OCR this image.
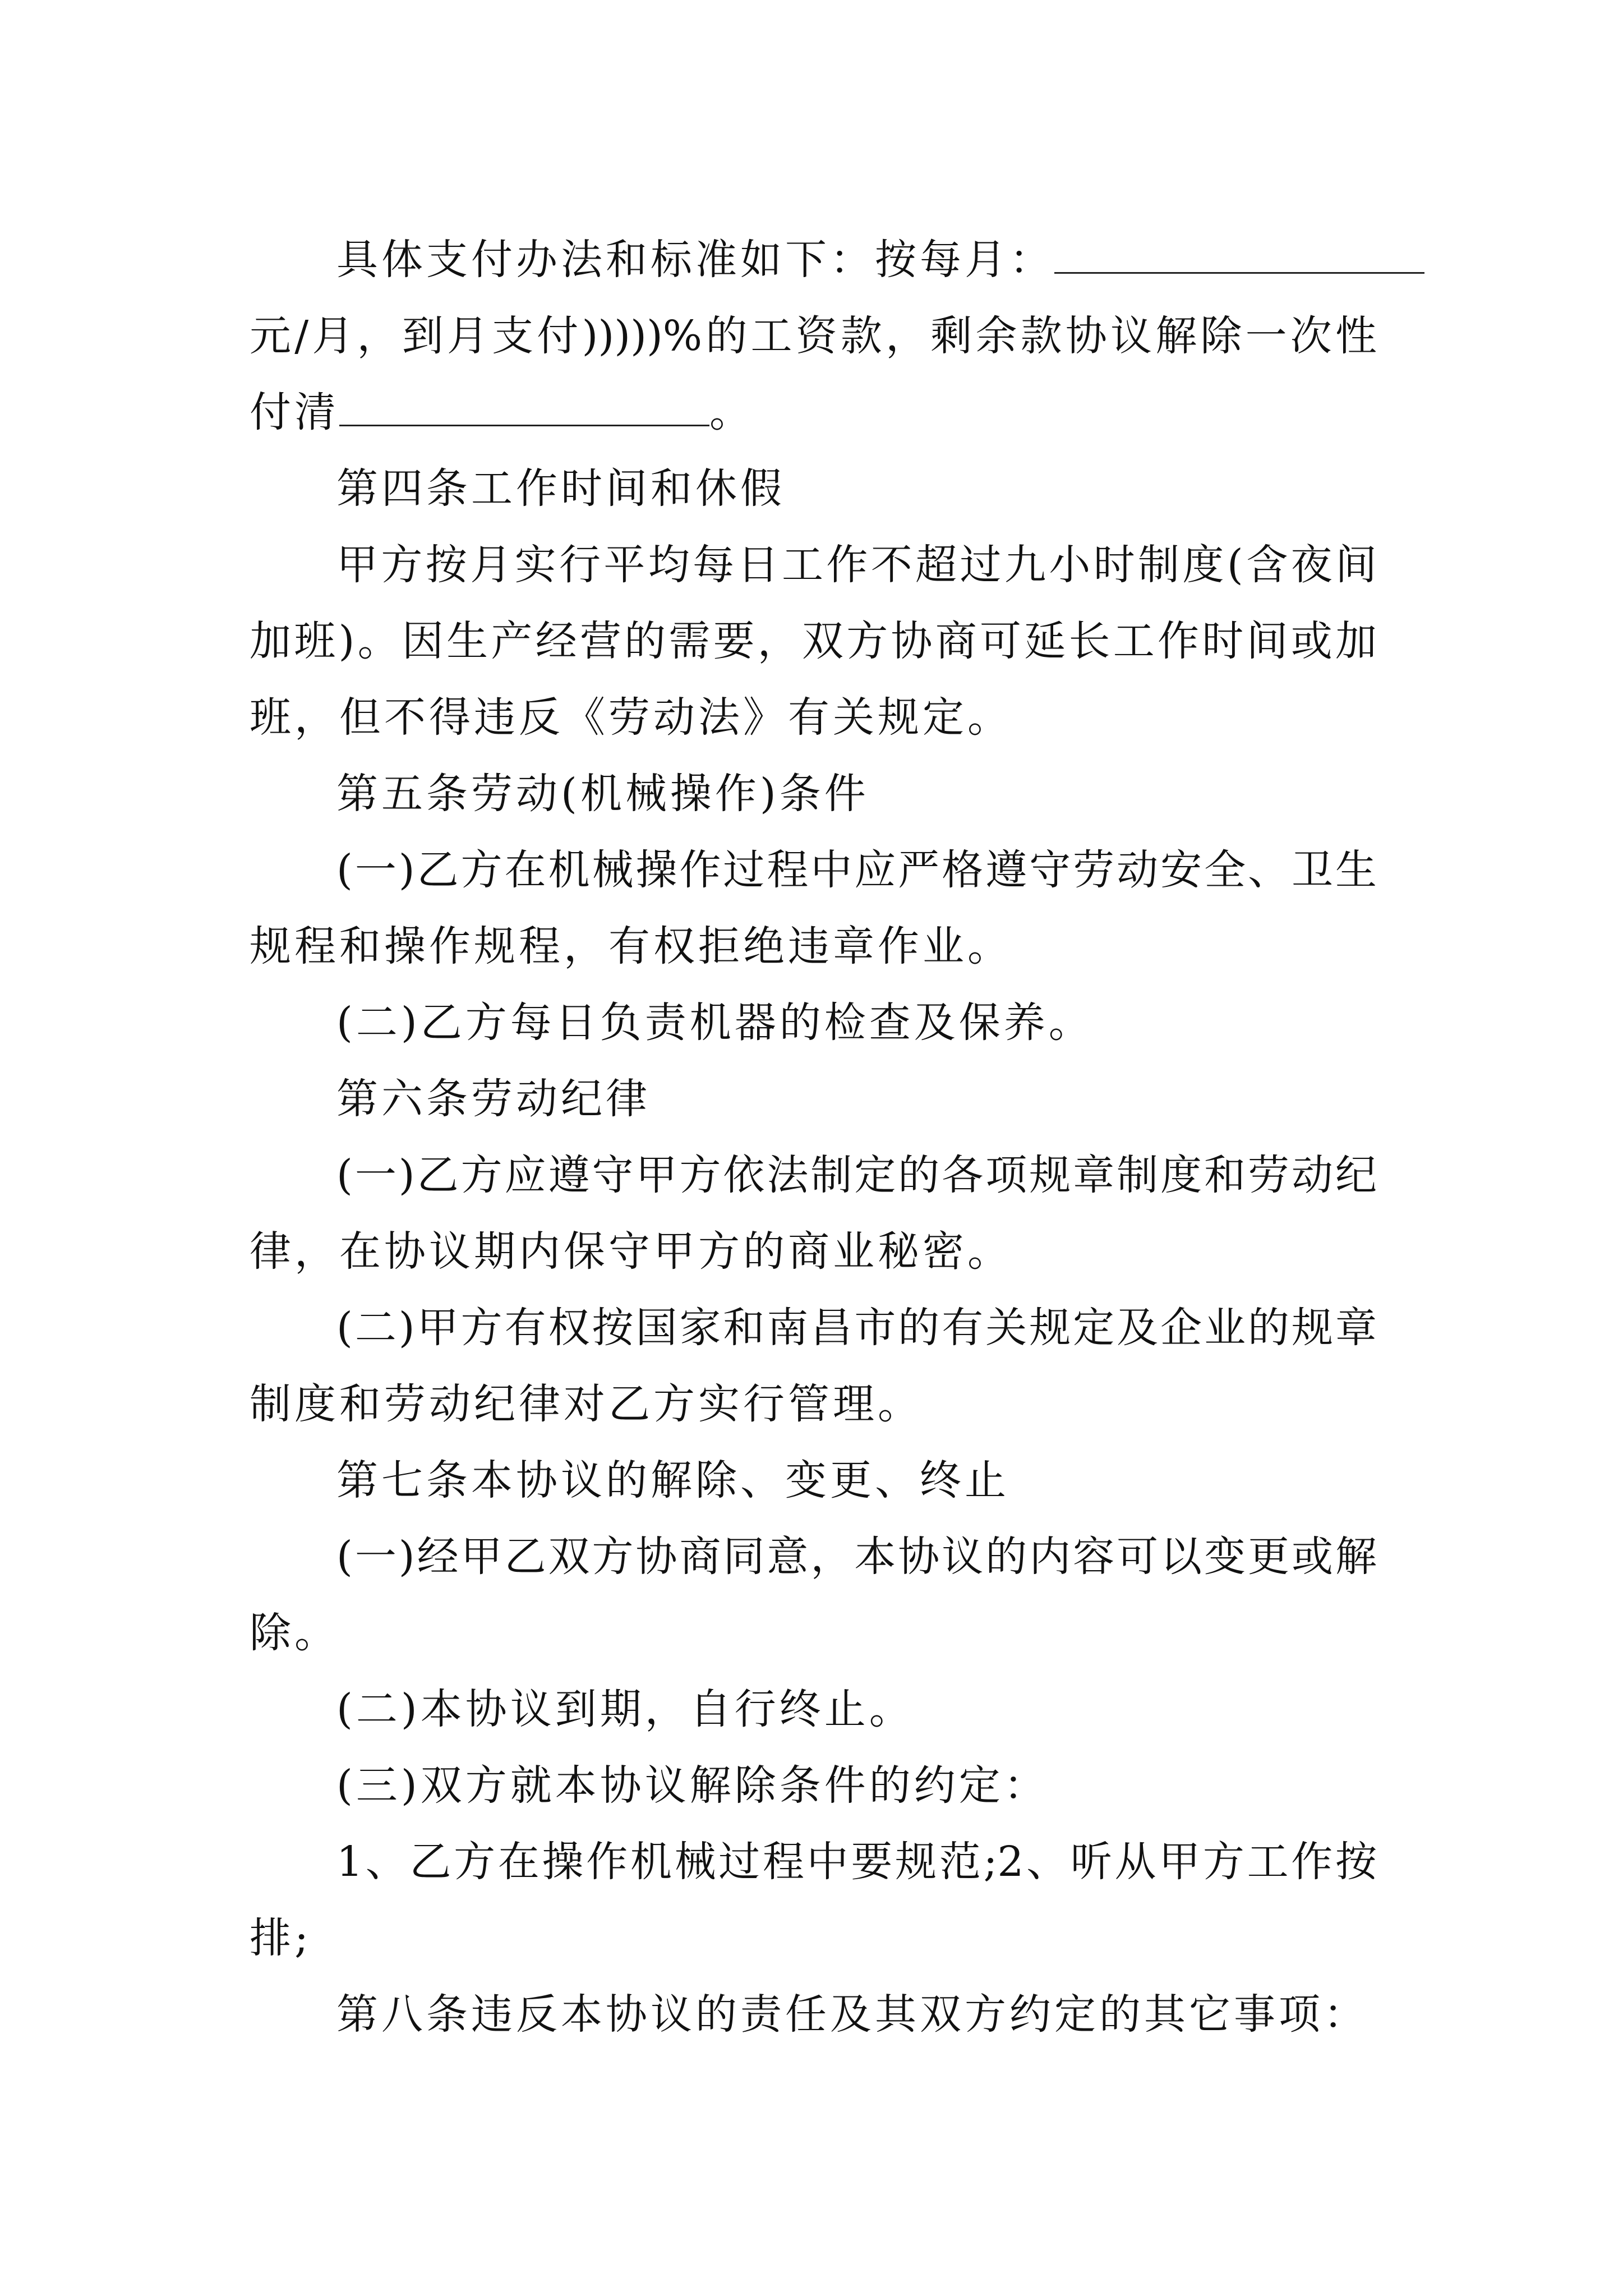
具体支付办法和标准如下：按每月：
元/月，到月支付)))))%的工资款，剩余款协议解除一次性
付清	。
第四条工作时间和休假
甲方按月实行平均每日工作不超过九小时制度(含夜间
加班)。因生产经营的需要，双方协商可延长工作时间或加
班，但不得违反《劳动法》有关规定。
第五条劳动(机械操作)条件
(一)乙方在机械操作过程中应严格遵守劳动安全、卫生
规程和操作规程，有权拒绝违章作业。
(二)乙方每日负责机器的检查及保养。
第六条劳动纪律
(一)乙方应遵守甲方依法制定的各项规章制度和劳动纪
律，在协议期内保守甲方的商业秘密。
(二)甲方有权按国家和南昌市的有关规定及企业的规章
制度和劳动纪律对乙方实行管理。
第七条本协议的解除、变更、终止
(一)经甲乙双方协商同意，本协议的内容可以变更或解
除。
(二)本协议到期，自行终止。
(三)双方就本协议解除条件的约定：
1、乙方在操作机械过程中要规范;2、听从甲方工作按
排;
第八条违反本协议的责任及其双方约定的其它事项：
